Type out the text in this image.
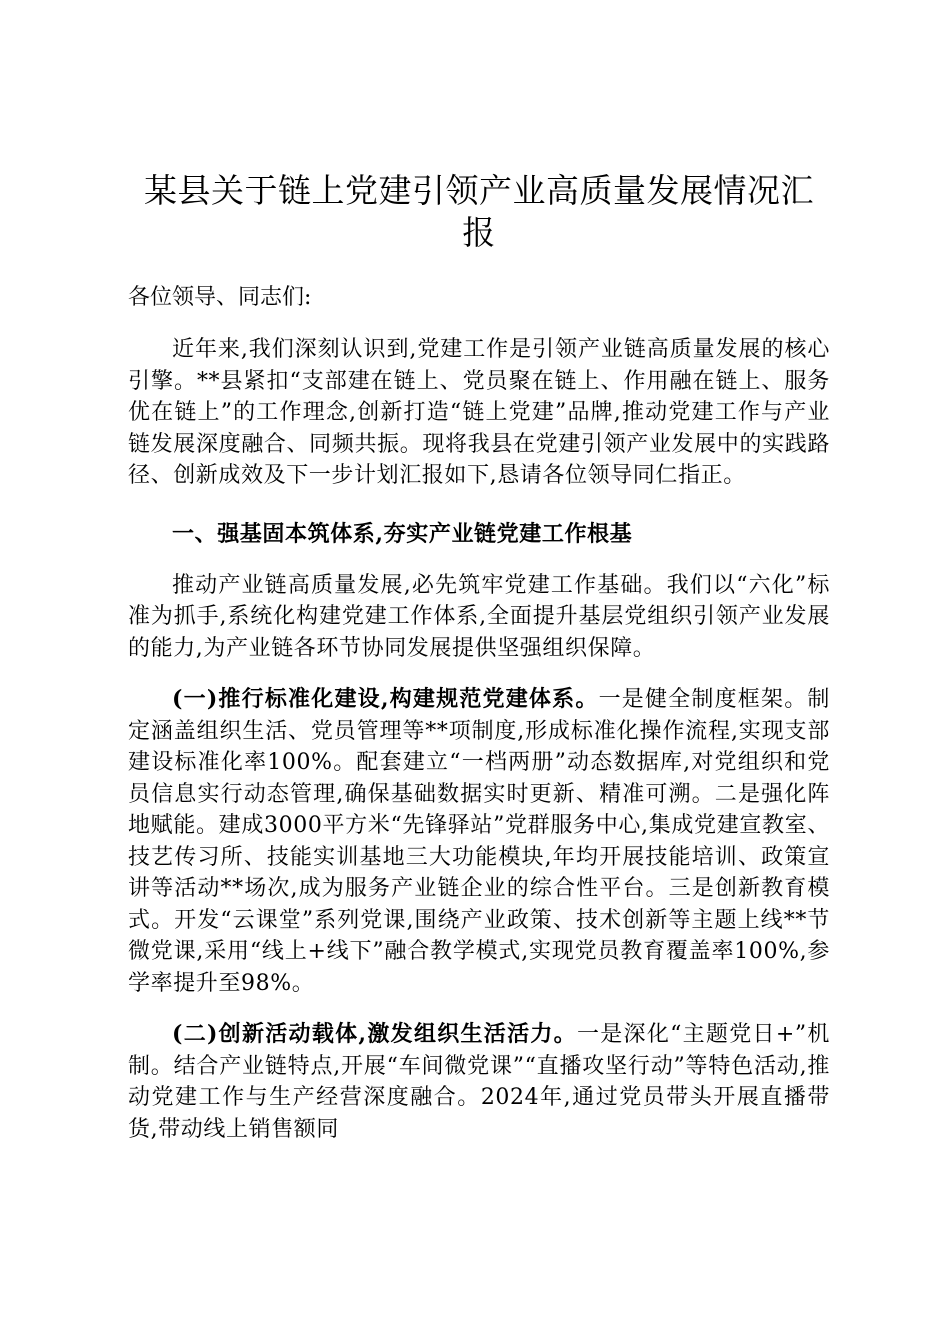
某县关于链上党建引领产业高质量发展情况汇报
各位领导、同志们:

近年来,我们深刻认识到,党建工作是引领产业链高质量发展的核心引擎。**县紧扣“支部建在链上、党员聚在链上、作用融在链上、服务优在链上”的工作理念,创新打造“链上党建”品牌,推动党建工作与产业链发展深度融合、同频共振。现将我县在党建引领产业发展中的实践路径、创新成效及下一步计划汇报如下,恳请各位领导同仁指正。

一、强基固本筑体系,夯实产业链党建工作根基

推动产业链高质量发展,必先筑牢党建工作基础。我们以“六化”标准为抓手,系统化构建党建工作体系,全面提升基层党组织引领产业发展的能力,为产业链各环节协同发展提供坚强组织保障。

(一)推行标准化建设,构建规范党建体系。一是健全制度框架。制定涵盖组织生活、党员管理等**项制度,形成标准化操作流程,实现支部建设标准化率100%。配套建立“一档两册”动态数据库,对党组织和党员信息实行动态管理,确保基础数据实时更新、精准可溯。二是强化阵地赋能。建成3000平方米“先锋驿站”党群服务中心,集成党建宣教室、技艺传习所、技能实训基地三大功能模块,年均开展技能培训、政策宣讲等活动**场次,成为服务产业链企业的综合性平台。三是创新教育模式。开发“云课堂”系列党课,围绕产业政策、技术创新等主题上线**节微党课,采用“线上+线下”融合教学模式,实现党员教育覆盖率100%,参学率提升至98%。

(二)创新活动载体,激发组织生活活力。一是深化“主题党日+”机制。结合产业链特点,开展“车间微党课”“直播攻坚行动”等特色活动,推动党建工作与生产经营深度融合。2024年,通过党员带头开展直播带货,带动线上销售额同
